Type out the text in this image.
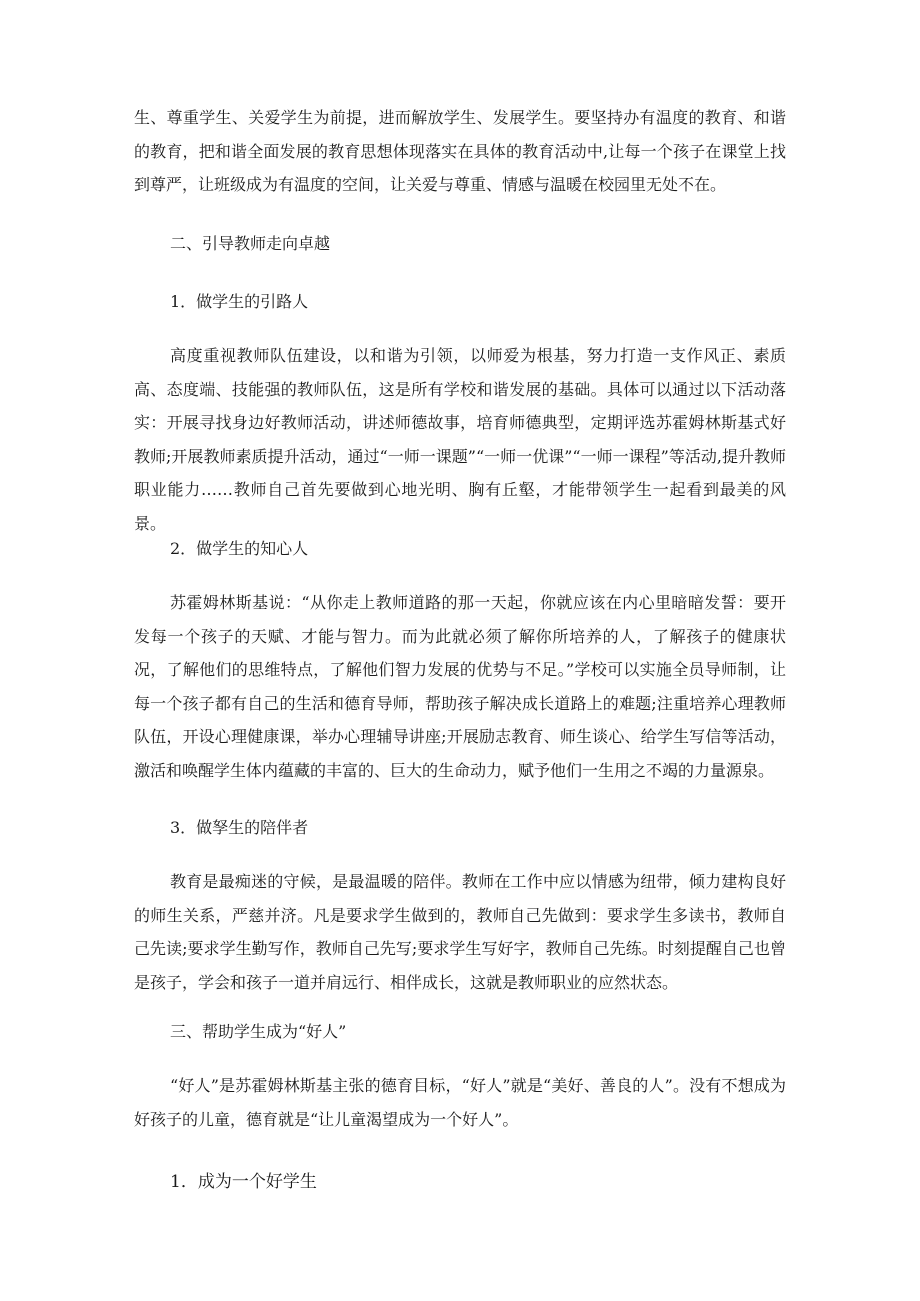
生、尊重学生、关爱学生为前提，进而解放学生、发展学生。要坚持办有温度的教育、和谐的教育，把和谐全面发展的教育思想体现落实在具体的教育活动中,让每一个孩子在课堂上找到尊严，让班级成为有温度的空间，让关爱与尊重、情感与温暖在校园里无处不在。

二、引导教师走向卓越

1．做学生的引路人

高度重视教师队伍建设，以和谐为引领，以师爱为根基，努力打造一支作风正、素质高、态度端、技能强的教师队伍，这是所有学校和谐发展的基础。具体可以通过以下活动落实：开展寻找身边好教师活动，讲述师德故事，培育师德典型，定期评选苏霍姆林斯基式好教师;开展教师素质提升活动，通过“一师一课题”“一师一优课”“一师一课程”等活动,提升教师职业能力……教师自己首先要做到心地光明、胸有丘壑，才能带领学生一起看到最美的风景。

2．做学生的知心人

苏霍姆林斯基说：“从你走上教师道路的那一天起，你就应该在内心里暗暗发誓：要开发每一个孩子的天赋、才能与智力。而为此就必须了解你所培养的人，了解孩子的健康状况，了解他们的思维特点，了解他们智力发展的优势与不足。”学校可以实施全员导师制，让每一个孩子都有自己的生活和德育导师，帮助孩子解决成长道路上的难题;注重培养心理教师队伍，开设心理健康课，举办心理辅导讲座;开展励志教育、师生谈心、给学生写信等活动，激活和唤醒学生体内蕴藏的丰富的、巨大的生命动力，赋予他们一生用之不竭的力量源泉。

3．做孥生的陪伴者

教育是最痴迷的守候，是最温暖的陪伴。教师在工作中应以情感为纽带，倾力建构良好的师生关系，严慈并济。凡是要求学生做到的，教师自己先做到：要求学生多读书，教师自己先读;要求学生勤写作，教师自己先写;要求学生写好字，教师自己先练。时刻提醒自己也曾是孩子，学会和孩子一道并肩远行、相伴成长，这就是教师职业的应然状态。

三、帮助学生成为“好人”

“好人”是苏霍姆林斯基主张的德育目标，“好人”就是“美好、善良的人”。没有不想成为好孩子的儿童，德育就是“让儿童渴望成为一个好人”。

1．成为一个好学生
